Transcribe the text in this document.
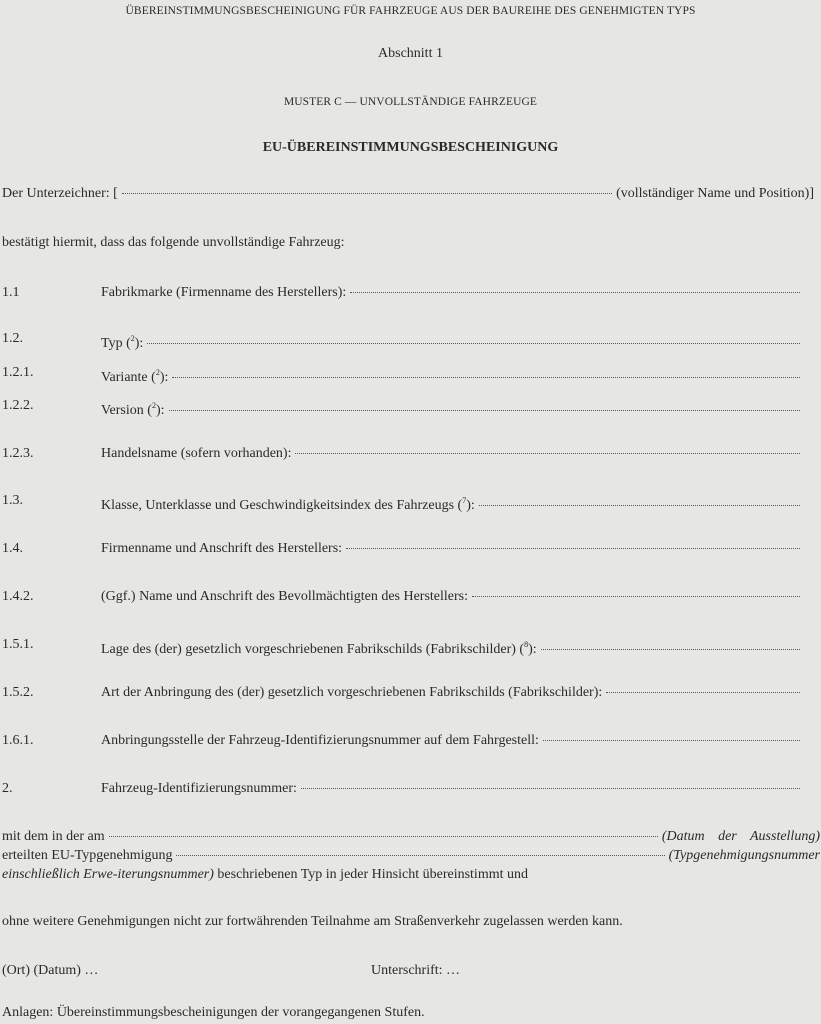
ÜBEREINSTIMMUNGSBESCHEINIGUNG FÜR FAHRZEUGE AUS DER BAUREIHE DES GENEHMIGTEN TYPS
Abschnitt 1
MUSTER C — UNVOLLSTÄNDIGE FAHRZEUGE
EU-ÜBEREINSTIMMUNGSBESCHEINIGUNG
Der Unterzeichner: [	(vollständiger Name und Position)]
bestätigt hiermit, dass das folgende unvollständige Fahrzeug:
1.1	Fabrikmarke (Firmenname des Herstellers):
1.2.	Typ ($^2$):
1.2.1.	Variante ($^2$):
1.2.2.	Version ($^2$):
1.2.3.	Handelsname (sofern vorhanden):
1.3.	Klasse, Unterklasse und Geschwindigkeitsindex des Fahrzeugs ($^7$):
1.4.	Firmenname und Anschrift des Herstellers:
1.4.2.	(Ggf.) Name und Anschrift des Bevollmächtigten des Herstellers:
1.5.1.	Lage des (der) gesetzlich vorgeschriebenen Fabrikschilds (Fabrikschilder) ($^8$):
1.5.2.	Art der Anbringung des (der) gesetzlich vorgeschriebenen Fabrikschilds (Fabrikschilder):
1.6.1.	Anbringungsstelle der Fahrzeug-Identifizierungsnummer auf dem Fahrgestell:
2.	Fahrzeug-Identifizierungsnummer:
mit dem in der am	(Datum der Ausstellung)
erteilten EU-Typgenehmigung	(Typgenehmigungsnummer
einschließlich Erwe-iterungsnummer) beschriebenen Typ in jeder Hinsicht übereinstimmt und
ohne weitere Genehmigungen nicht zur fortwährenden Teilnahme am Straßenverkehr zugelassen werden kann.
(Ort) (Datum) …	Unterschrift: …
Anlagen: Übereinstimmungsbescheinigungen der vorangegangenen Stufen.
